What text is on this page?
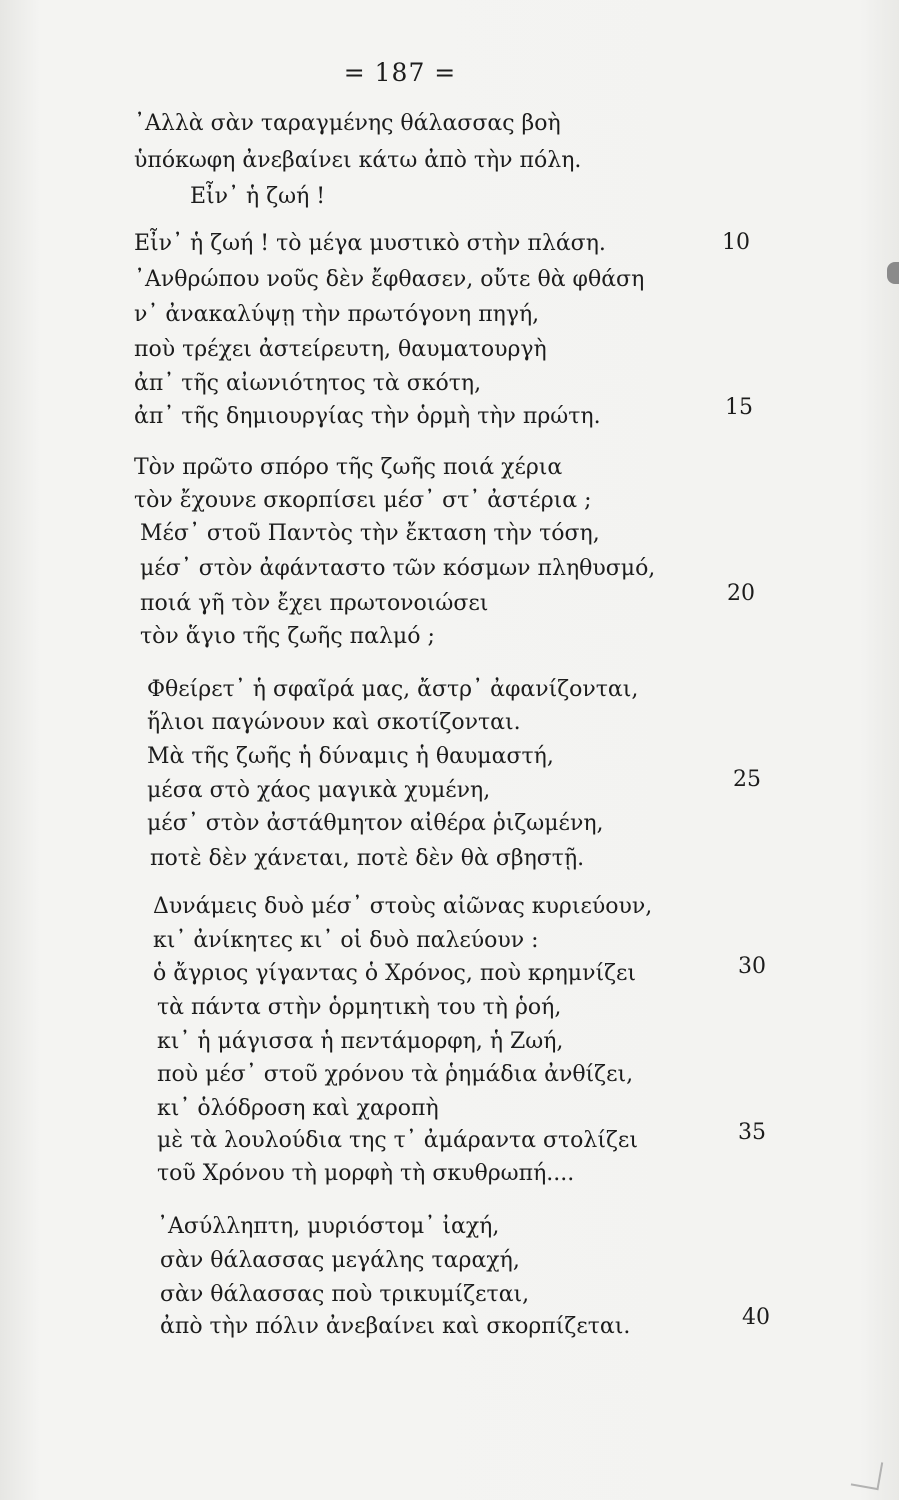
= 187 =
᾿Αλλὰ σὰν ταραγμένης θάλασσας βοὴ
ὑπόκωφη ἀνεβαίνει κάτω ἀπὸ τὴν πόλη.
Εἶν᾿ ἡ ζωή !
Εἶν᾿ ἡ ζωή ! τὸ μέγα μυστικὸ στὴν πλάση.
᾿Ανθρώπου νοῦς δὲν ἔφθασεν, οὔτε θὰ φθάση
ν᾿ ἀνακαλύψῃ τὴν πρωτόγονη πηγή,
ποὺ τρέχει ἀστείρευτη, θαυματουργὴ
ἀπ᾿ τῆς αἰωνιότητος τὰ σκότη,
ἀπ᾿ τῆς δημιουργίας τὴν ὁρμὴ τὴν πρώτη.
Τὸν πρῶτο σπόρο τῆς ζωῆς ποιά χέρια
τὸν ἔχουνε σκορπίσει μέσ᾿ στ᾿ ἀστέρια ;
Μέσ᾿ στοῦ Παντὸς τὴν ἔκταση τὴν τόση,
μέσ᾿ στὸν ἀφάνταστο τῶν κόσμων πληθυσμό,
ποιά γῆ τὸν ἔχει πρωτονοιώσει
τὸν ἅγιο τῆς ζωῆς παλμό ;
Φθείρετ᾿ ἡ σφαῖρά μας, ἄστρ᾿ ἀφανίζονται,
ἥλιοι παγώνουν καὶ σκοτίζονται.
Μὰ τῆς ζωῆς ἡ δύναμις ἡ θαυμαστή,
μέσα στὸ χάος μαγικὰ χυμένη,
μέσ᾿ στὸν ἀστάθμητον αἰθέρα ῥιζωμένη,
ποτὲ δὲν χάνεται, ποτὲ δὲν θὰ σβηστῇ.
Δυνάμεις δυὸ μέσ᾿ στοὺς αἰῶνας κυριεύουν,
κι᾿ ἀνίκητες κι᾿ οἱ δυὸ παλεύουν :
ὁ ἄγριος γίγαντας ὁ Χρόνος, ποὺ κρημνίζει
τὰ πάντα στὴν ὁρμητικὴ του τὴ ῥοή,
κι᾿ ἡ μάγισσα ἡ πεντάμορφη, ἡ Ζωή,
ποὺ μέσ᾿ στοῦ χρόνου τὰ ῥημάδια ἀνθίζει,
κι᾿ ὁλόδροση καὶ χαροπὴ
μὲ τὰ λουλούδια της τ᾿ ἀμάραντα στολίζει
τοῦ Χρόνου τὴ μορφὴ τὴ σκυθρωπή....
᾿Ασύλληπτη, μυριόστομ᾿ ἰαχή,
σὰν θάλασσας μεγάλης ταραχή,
σὰν θάλασσας ποὺ τρικυμίζεται,
ἀπὸ τὴν πόλιν ἀνεβαίνει καὶ σκορπίζεται.
10
15
20
25
30
35
40
